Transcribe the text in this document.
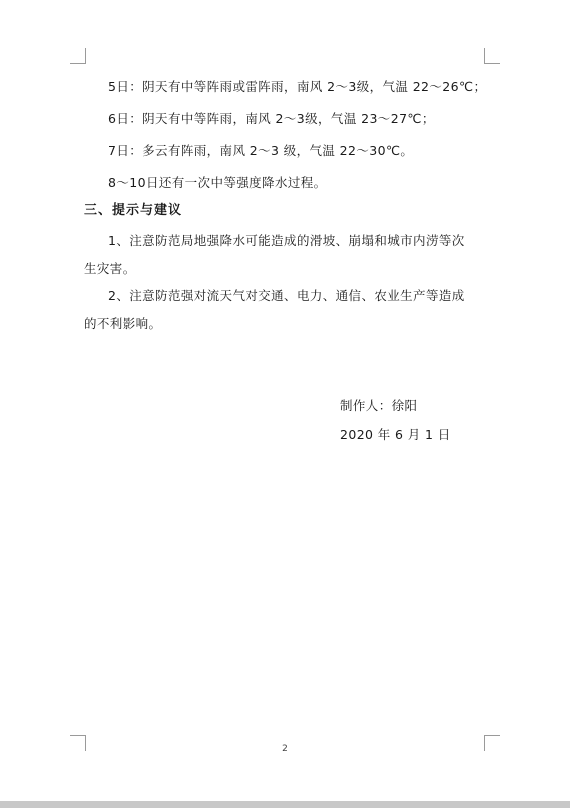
5日：阴天有中等阵雨或雷阵雨，南风 2～3级，气温 22～26℃；
6日：阴天有中等阵雨，南风 2～3级，气温 23～27℃；
7日：多云有阵雨，南风 2～3 级，气温 22～30℃。
8～10日还有一次中等强度降水过程。
三、提示与建议
1、注意防范局地强降水可能造成的滑坡、崩塌和城市内涝等次
生灾害。
2、注意防范强对流天气对交通、电力、通信、农业生产等造成
的不利影响。
制作人：徐阳
2020 年 6 月 1 日
2
